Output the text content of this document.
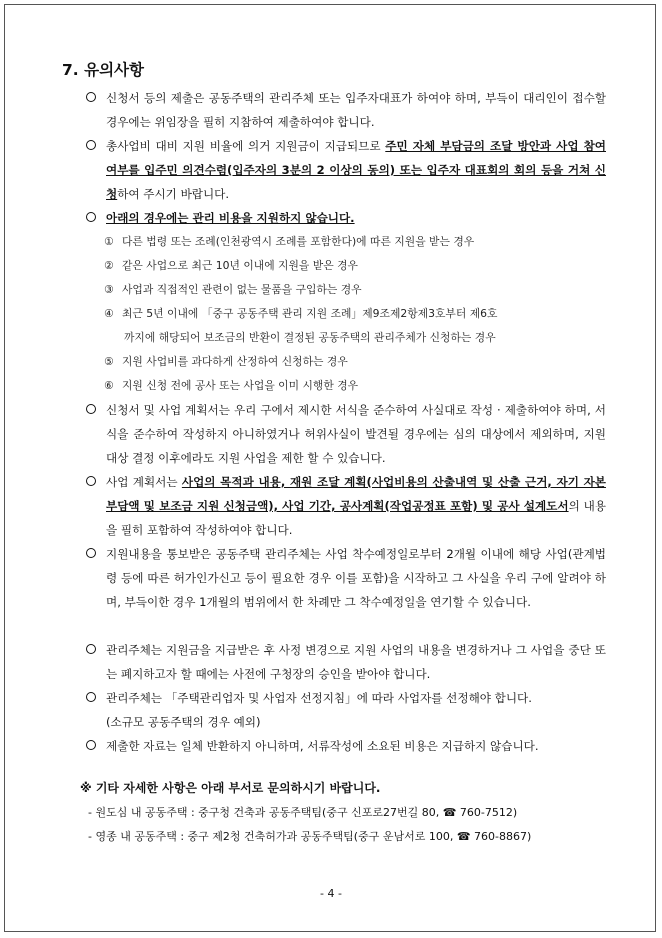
7. 유의사항
신청서 등의 제출은 공동주택의 관리주체 또는 입주자대표가 하여야 하며, 부득이 대리인이 접수할 경우에는 위임장을 필히 지참하여 제출하여야 합니다.
총사업비 대비 지원 비율에 의거 지원금이 지급되므로 주민 자체 부담금의 조달 방안과 사업 참여 여부를 입주민 의견수렴(입주자의 3분의 2 이상의 동의) 또는 입주자 대표회의 회의 등을 거쳐 신청하여 주시기 바랍니다.
아래의 경우에는 관리 비용을 지원하지 않습니다.
① 다른 법령 또는 조례(인천광역시 조례를 포함한다)에 따른 지원을 받는 경우
② 같은 사업으로 최근 10년 이내에 지원을 받은 경우
③ 사업과 직접적인 관련이 없는 물품을 구입하는 경우
④ 최근 5년 이내에 「중구 공동주택 관리 지원 조례」제9조제2항제3호부터 제6호
까지에 해당되어 보조금의 반환이 결정된 공동주택의 관리주체가 신청하는 경우
⑤ 지원 사업비를 과다하게 산정하여 신청하는 경우
⑥ 지원 신청 전에 공사 또는 사업을 이미 시행한 경우
신청서 및 사업 계획서는 우리 구에서 제시한 서식을 준수하여 사실대로 작성 · 제출하여야 하며, 서식을 준수하여 작성하지 아니하였거나 허위사실이 발견될 경우에는 심의 대상에서 제외하며, 지원 대상 결정 이후에라도 지원 사업을 제한 할 수 있습니다.
사업 계획서는 사업의 목적과 내용, 재원 조달 계획(사업비용의 산출내역 및 산출 근거, 자기 자본 부담액 및 보조금 지원 신청금액), 사업 기간, 공사계획(작업공정표 포함) 및 공사 설계도서의 내용을 필히 포함하여 작성하여야 합니다.
지원내용을 통보받은 공동주택 관리주체는 사업 착수예정일로부터 2개월 이내에 해당 사업(관계법령 등에 따른 허가인가신고 등이 필요한 경우 이를 포함)을 시작하고 그 사실을 우리 구에 알려야 하며, 부득이한 경우 1개월의 범위에서 한 차례만 그 착수예정일을 연기할 수 있습니다.
관리주체는 지원금을 지급받은 후 사정 변경으로 지원 사업의 내용을 변경하거나 그 사업을 중단 또는 폐지하고자 할 때에는 사전에 구청장의 승인을 받아야 합니다.
관리주체는 「주택관리업자 및 사업자 선정지침」에 따라 사업자를 선정해야 합니다.
(소규모 공동주택의 경우 예외)
제출한 자료는 일체 반환하지 아니하며, 서류작성에 소요된 비용은 지급하지 않습니다.
※ 기타 자세한 사항은 아래 부서로 문의하시기 바랍니다.
- 원도심 내 공동주택 : 중구청 건축과 공동주택팀(중구 신포로27번길 80, ☎ 760-7512)
- 영종 내 공동주택 : 중구 제2청 건축허가과 공동주택팀(중구 운남서로 100, ☎ 760-8867)
- 4 -
